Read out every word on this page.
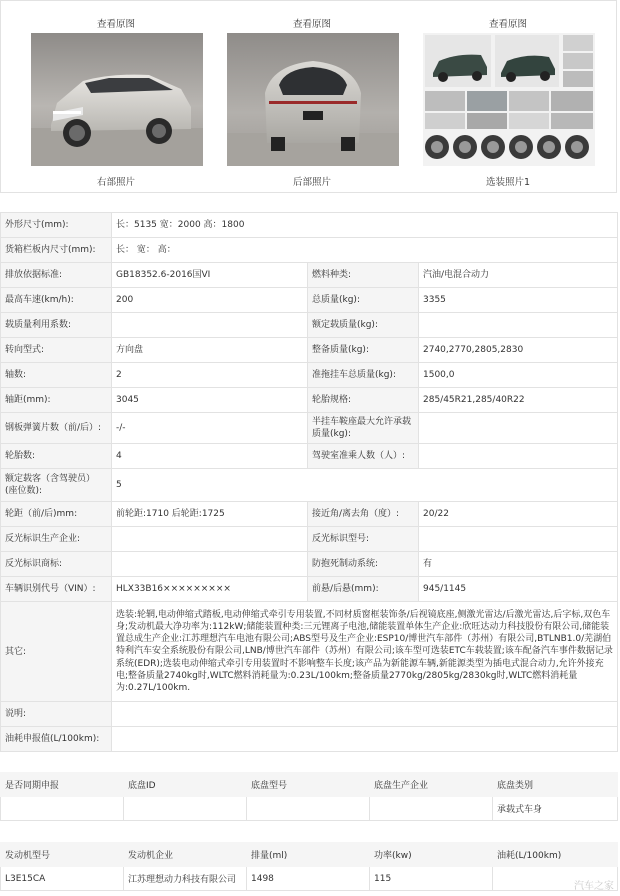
查看原图
右部照片
查看原图
后部照片
查看原图
选装照片1
外形尺寸(mm):	长：5135 宽：2000 高：1800		
货箱栏板内尺寸(mm):	长： 宽： 高：		
排放依据标准:	GB18352.6-2016国VI	燃料种类:	汽油/电混合动力
最高车速(km/h):	200	总质量(kg):	3355
载质量利用系数:		额定载质量(kg):	
转向型式:	方向盘	整备质量(kg):	2740,2770,2805,2830
轴数:	2	准拖挂车总质量(kg):	1500,0
轴距(mm):	3045	轮胎规格:	285/45R21,285/40R22
钢板弹簧片数（前/后）:	-/-	半挂车鞍座最大允许承载质量(kg):	
轮胎数:	4	驾驶室准乘人数（人）:	
额定载客（含驾驶员）(座位数):	5		
轮距（前/后)mm:	前轮距:1710 后轮距:1725	接近角/离去角（度）:	20/22
反光标识生产企业:		反光标识型号:	
反光标识商标:		防抱死制动系统:	有
车辆识别代号（VIN）:	HLX33B16×××××××××	前悬/后悬(mm):	945/1145
其它:	选装:轮辋,电动伸缩式踏板,电动伸缩式牵引专用装置,不同材质窗框装饰条/后视镜底座,侧激光雷达/后激光雷达,后字标,双色车身;发动机最大净功率为:112kW;储能装置种类:三元锂离子电池,储能装置单体生产企业:欣旺达动力科技股份有限公司,储能装置总成生产企业:江苏理想汽车电池有限公司;ABS型号及生产企业:ESP10/博世汽车部件（苏州）有限公司,BTLNB1.0/芜湖伯特利汽车安全系统股份有限公司,LNB/博世汽车部件（苏州）有限公司;该车型可选装ETC车载装置;该车配备汽车事件数据记录系统(EDR);选装电动伸缩式牵引专用装置时不影响整车长度;该产品为新能源车辆,新能源类型为插电式混合动力,允许外接充电;整备质量2740kg时,WLTC燃料消耗量为:0.23L/100km;整备质量2770kg/2805kg/2830kg时,WLTC燃料消耗量为:0.27L/100km.		
说明:			
油耗申报值(L/100km):			
是否同期申报	底盘ID	底盘型号	底盘生产企业	底盘类别
				承载式车身
发动机型号	发动机企业	排量(ml)	功率(kw)	油耗(L/100km)
L3E15CA	江苏理想动力科技有限公司	1498	115	
汽车之家
